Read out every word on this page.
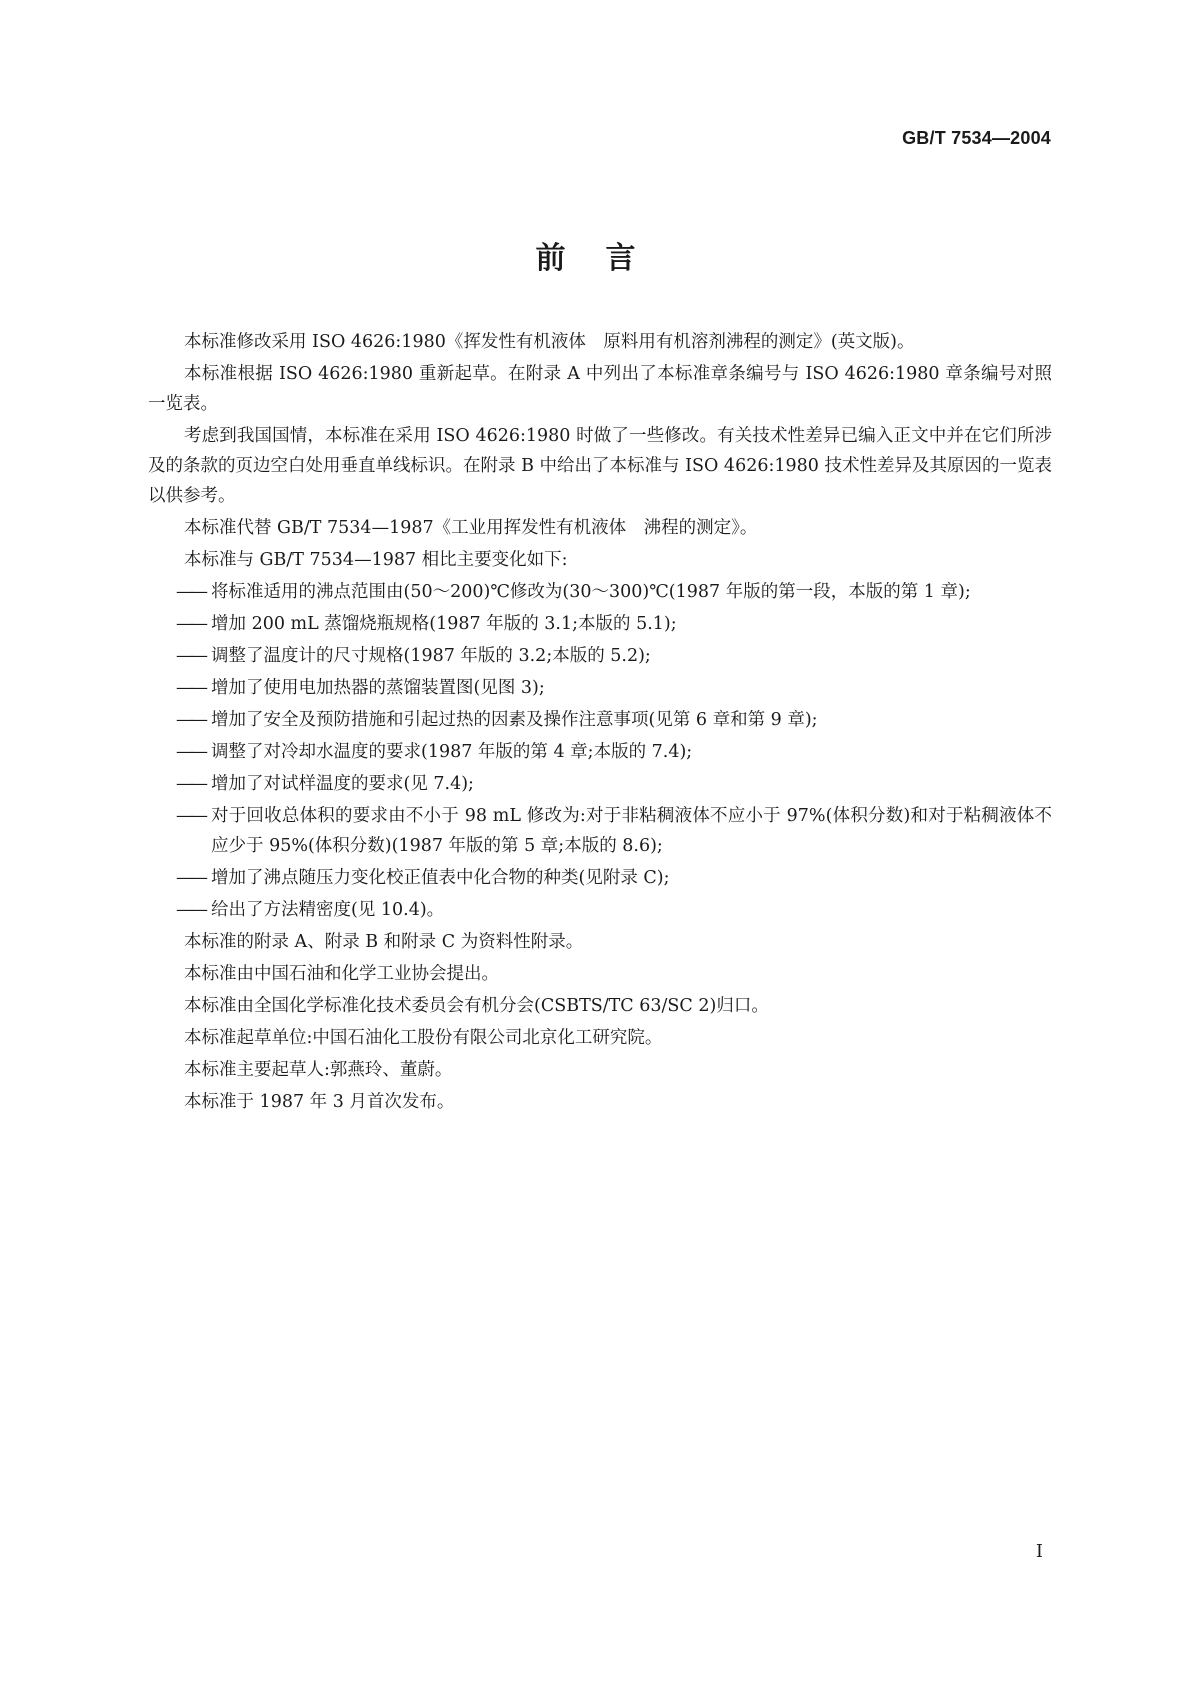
GB/T 7534—2004
前言

本标准修改采用 ISO 4626:1980《挥发性有机液体　原料用有机溶剂沸程的测定》(英文版)。

本标准根据 ISO 4626:1980 重新起草。在附录 A 中列出了本标准章条编号与 ISO 4626:1980 章条编号对照一览表。

考虑到我国国情，本标准在采用 ISO 4626:1980 时做了一些修改。有关技术性差异已编入正文中并在它们所涉及的条款的页边空白处用垂直单线标识。在附录 B 中给出了本标准与 ISO 4626:1980 技术性差异及其原因的一览表以供参考。

本标准代替 GB/T 7534—1987《工业用挥发性有机液体　沸程的测定》。

本标准与 GB/T 7534—1987 相比主要变化如下:

—— 将标准适用的沸点范围由(50～200)℃修改为(30～300)℃(1987 年版的第一段，本版的第 1 章);

—— 增加 200 mL 蒸馏烧瓶规格(1987 年版的 3.1;本版的 5.1);

—— 调整了温度计的尺寸规格(1987 年版的 3.2;本版的 5.2);

—— 增加了使用电加热器的蒸馏装置图(见图 3);

—— 增加了安全及预防措施和引起过热的因素及操作注意事项(见第 6 章和第 9 章);

—— 调整了对冷却水温度的要求(1987 年版的第 4 章;本版的 7.4);

—— 增加了对试样温度的要求(见 7.4);

—— 对于回收总体积的要求由不小于 98 mL 修改为:对于非粘稠液体不应小于 97%(体积分数)和对于粘稠液体不应少于 95%(体积分数)(1987 年版的第 5 章;本版的 8.6);

—— 增加了沸点随压力变化校正值表中化合物的种类(见附录 C);

—— 给出了方法精密度(见 10.4)。

本标准的附录 A、附录 B 和附录 C 为资料性附录。

本标准由中国石油和化学工业协会提出。

本标准由全国化学标准化技术委员会有机分会(CSBTS/TC 63/SC 2)归口。

本标准起草单位:中国石油化工股份有限公司北京化工研究院。

本标准主要起草人:郭燕玲、董蔚。

本标准于 1987 年 3 月首次发布。

I
